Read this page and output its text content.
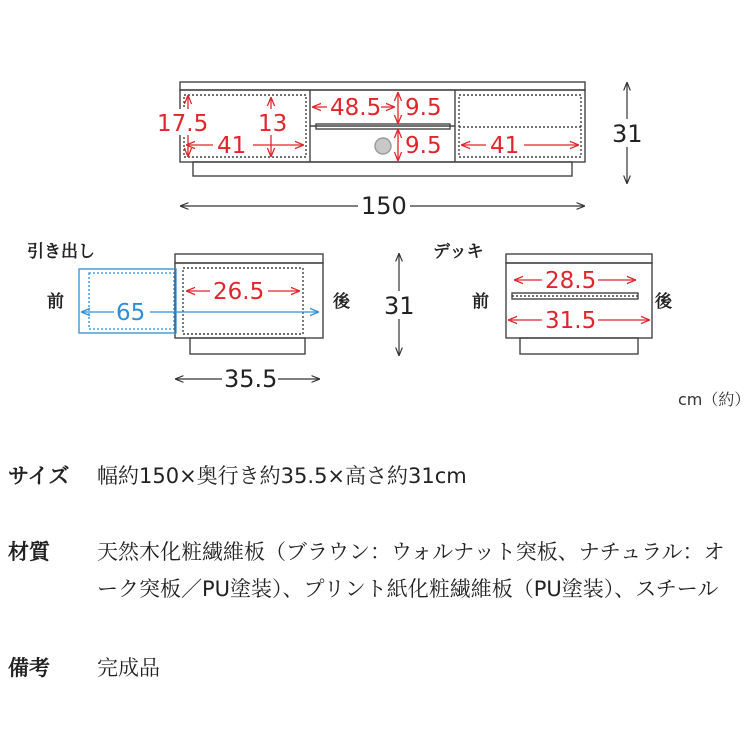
17.5 13
41
48.5 9.5
9.5 41	31
150
引き出し
前	後
65
26.5
35.5
31
デッキ
前	後
28.5
31.5
cm（約）
サイズ 幅約150×奥行き約35.5×高さ約31cm
材質 天然木化粧繊維板（ブラウン：ウォルナット突板、ナチュラル：オーク突板／PU塗装）、プリント紙化粧繊維板（PU塗装）、スチール
備考 完成品
